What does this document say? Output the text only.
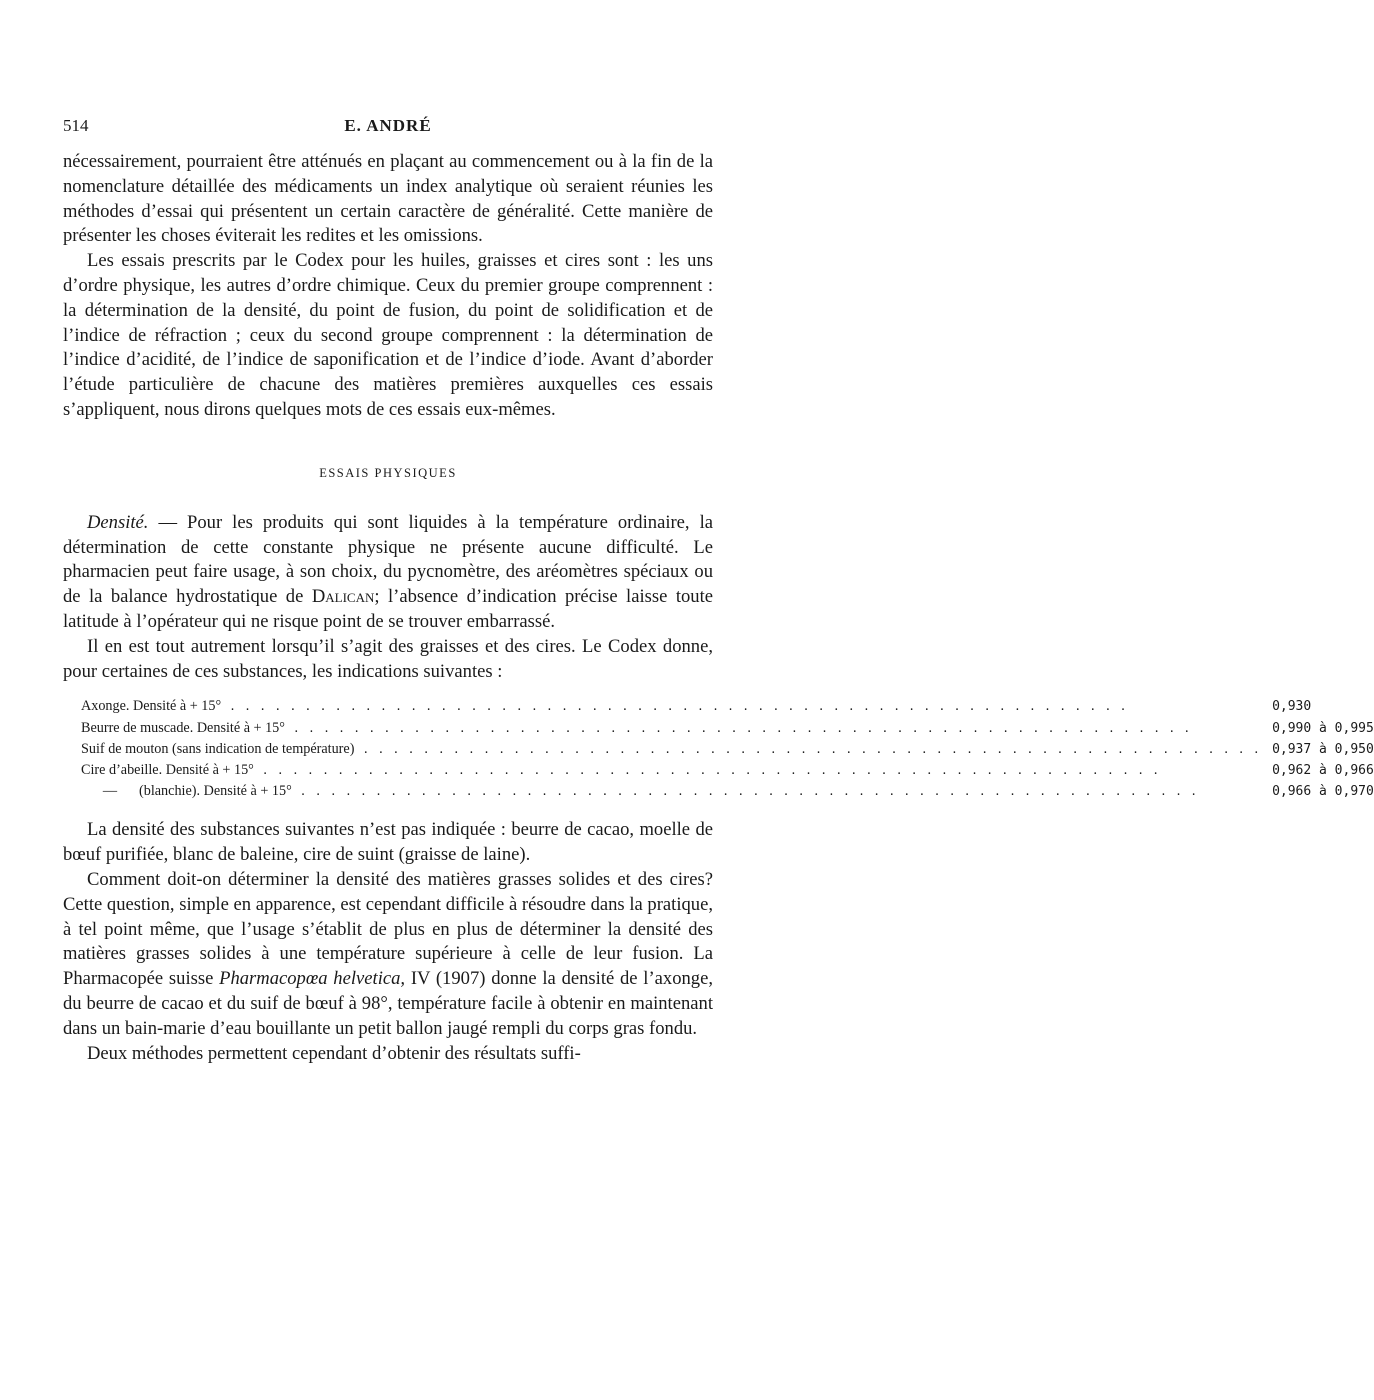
514	E. ANDRÉ

nécessairement, pourraient être atténués en plaçant au commencement ou à la fin de la nomenclature détaillée des médicaments un index analytique où seraient réunies les méthodes d’essai qui présentent un certain caractère de généralité. Cette manière de présenter les choses éviterait les redites et les omissions.

Les essais prescrits par le Codex pour les huiles, graisses et cires sont : les uns d’ordre physique, les autres d’ordre chimique. Ceux du premier groupe comprennent : la détermination de la densité, du point de fusion, du point de solidification et de l’indice de réfraction ; ceux du second groupe comprennent : la détermination de l’indice d’acidité, de l’indice de saponification et de l’indice d’iode. Avant d’aborder l’étude particulière de chacune des matières premières auxquelles ces essais s’appliquent, nous dirons quelques mots de ces essais eux-mêmes.

ESSAIS PHYSIQUES

Densité. — Pour les produits qui sont liquides à la température ordinaire, la détermination de cette constante physique ne présente aucune difficulté. Le pharmacien peut faire usage, à son choix, du pycnomètre, des aréomètres spéciaux ou de la balance hydrostatique de Dalican; l’absence d’indication précise laisse toute latitude à l’opérateur qui ne risque point de se trouver embarrassé.

Il en est tout autrement lorsqu’il s’agit des graisses et des cires. Le Codex donne, pour certaines de ces substances, les indications suivantes :

Axonge. Densité à + 15° . . . . . . . . . . . . . . . . . . . . . . . . . . . . . . . . . . . . . . . . . . . . . . . . . . . . . . . . . . . .	0,930
Beurre de muscade. Densité à + 15° . . . . . . . . . . . . . . . . . . . . . . . . . . . . . . . . . . . . . . . . . . . . . . . . . . . . . . . . . . . .	0,990 à 0,995
Suif de mouton (sans indication de température) . . . . . . . . . . . . . . . . . . . . . . . . . . . . . . . . . . . . . . . . . . . . . . . . . . . . . . . . . . . .	0,937 à 0,950
Cire d’abeille. Densité à + 15° . . . . . . . . . . . . . . . . . . . . . . . . . . . . . . . . . . . . . . . . . . . . . . . . . . . . . . . . . . . .	0,962 à 0,966
— (blanchie). Densité à + 15° . . . . . . . . . . . . . . . . . . . . . . . . . . . . . . . . . . . . . . . . . . . . . . . . . . . . . . . . . . . .	0,966 à 0,970

La densité des substances suivantes n’est pas indiquée : beurre de cacao, moelle de bœuf purifiée, blanc de baleine, cire de suint (graisse de laine).

Comment doit-on déterminer la densité des matières grasses solides et des cires? Cette question, simple en apparence, est cependant difficile à résoudre dans la pratique, à tel point même, que l’usage s’établit de plus en plus de déterminer la densité des matières grasses solides à une température supérieure à celle de leur fusion. La Pharmacopée suisse Pharmacopœa helvetica, IV (1907) donne la densité de l’axonge, du beurre de cacao et du suif de bœuf à 98°, température facile à obtenir en maintenant dans un bain-marie d’eau bouillante un petit ballon jaugé rempli du corps gras fondu.

Deux méthodes permettent cependant d’obtenir des résultats suffi-
